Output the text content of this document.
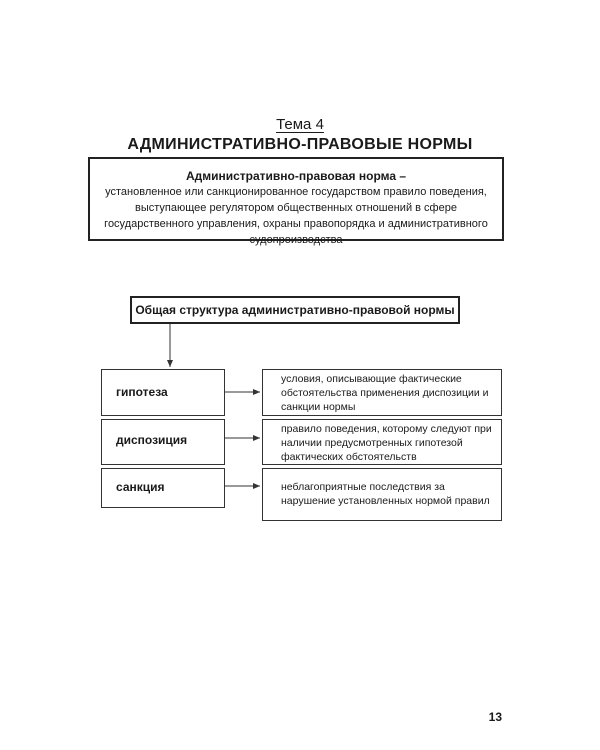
Тема 4
АДМИНИСТРАТИВНО-ПРАВОВЫЕ НОРМЫ
Административно-правовая норма –
установленное или санкционированное государством правило поведения, выступающее регулятором общественных отношений в сфере государственного управления, охраны правопорядка и административного судопроизводства
Общая структура административно-правовой нормы
гипотеза
диспозиция
санкция
условия, описывающие фактические обстоятельства применения диспозиции и санкции нормы
правило поведения, которому следуют при наличии предусмотренных гипотезой фактических обстоятельств
неблагоприятные последствия за нарушение установленных нормой правил
13
